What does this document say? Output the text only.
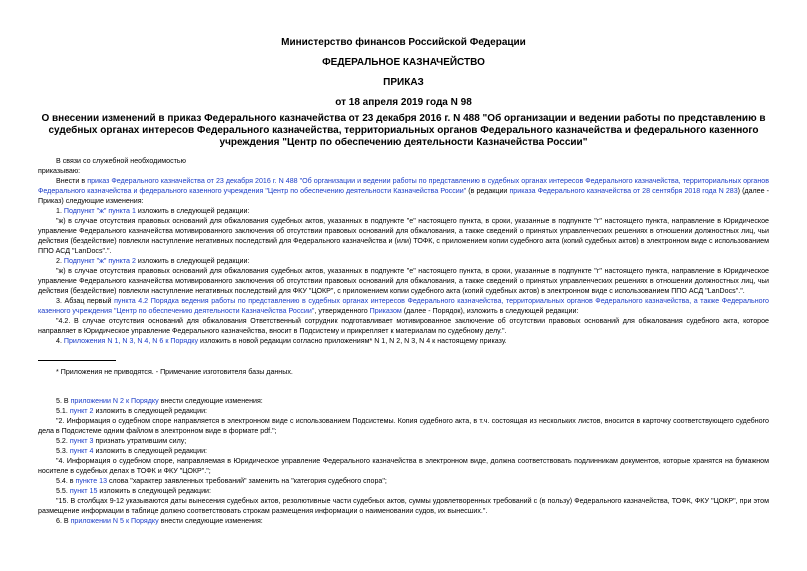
Министерство финансов Российской Федерации
ФЕДЕРАЛЬНОЕ КАЗНАЧЕЙСТВО
ПРИКАЗ
от 18 апреля 2019 года N 98
О внесении изменений в приказ Федерального казначейства от 23 декабря 2016 г. N 488 "Об организации и ведении работы по представлению в судебных органах интересов Федерального казначейства, территориальных органов Федерального казначейства и федерального казенного учреждения "Центр по обеспечению деятельности Казначейства России"

В связи со служебной необходимостью

приказываю:

Внести в приказ Федерального казначейства от 23 декабря 2016 г. N 488 "Об организации и ведении работы по представлению в судебных органах интересов Федерального казначейства, территориальных органов Федерального казначейства и федерального казенного учреждения "Центр по обеспечению деятельности Казначейства России" (в редакции приказа Федерального казначейства от 28 сентября 2018 года N 283) (далее - Приказ) следующие изменения:

1. Подпункт "ж" пункта 1 изложить в следующей редакции:

"ж) в случае отсутствия правовых оснований для обжалования судебных актов, указанных в подпункте "е" настоящего пункта, в сроки, указанные в подпункте "г" настоящего пункта, направление в Юридическое управление Федерального казначейства мотивированного заключения об отсутствии правовых оснований для обжалования, а также сведений о принятых управленческих решениях в отношении должностных лиц, чьи действия (бездействие) повлекли наступление негативных последствий для Федерального казначейства и (или) ТОФК, с приложением копии судебного акта (копий судебных актов) в электронном виде с использованием ППО АСД "LanDocs".".

2. Подпункт "ж" пункта 2 изложить в следующей редакции:

"ж) в случае отсутствия правовых оснований для обжалования судебных актов, указанных в подпункте "е" настоящего пункта, в сроки, указанные в подпункте "г" настоящего пункта, направление в Юридическое управление Федерального казначейства мотивированного заключения об отсутствии правовых оснований для обжалования, а также сведений о принятых управленческих решениях в отношении должностных лиц, чьи действия (бездействие) повлекли наступление негативных последствий для ФКУ "ЦОКР", с приложением копии судебного акта (копий судебных актов) в электронном виде с использованием ППО АСД "LanDocs".".

3. Абзац первый пункта 4.2 Порядка ведения работы по представлению в судебных органах интересов Федерального казначейства, территориальных органов Федерального казначейства, а также Федерального казенного учреждения "Центр по обеспечению деятельности Казначейства России", утвержденного Приказом (далее - Порядок), изложить в следующей редакции:

"4.2. В случае отсутствия оснований для обжалования Ответственный сотрудник подготавливает мотивированное заключение об отсутствии правовых оснований для обжалования судебного акта, которое направляет в Юридическое управление Федерального казначейства, вносит в Подсистему и прикрепляет к материалам по судебному делу.".

4. Приложения N 1, N 3, N 4, N 6 к Порядку изложить в новой редакции согласно приложениям* N 1, N 2, N 3, N 4 к настоящему приказу.

* Приложения не приводятся. - Примечание изготовителя базы данных.

5. В приложении N 2 к Порядку внести следующие изменения:

5.1. пункт 2 изложить в следующей редакции:

"2. Информация о судебном споре направляется в электронном виде с использованием Подсистемы. Копия судебного акта, в т.ч. состоящая из нескольких листов, вносится в карточку соответствующего судебного дела в Подсистеме одним файлом в электронном виде в формате pdf.";

5.2. пункт 3 признать утратившим силу;

5.3. пункт 4 изложить в следующей редакции:

"4. Информация о судебном споре, направляемая в Юридическое управление Федерального казначейства в электронном виде, должна соответствовать подлинникам документов, которые хранятся на бумажном носителе в судебных делах в ТОФК и ФКУ "ЦОКР".";

5.4. в пункте 13 слова "характер заявленных требований" заменить на "категория судебного спора";

5.5. пункт 15 изложить в следующей редакции:

"15. В столбцах 9-12 указываются даты вынесения судебных актов, резолютивные части судебных актов, суммы удовлетворенных требований с (в пользу) Федерального казначейства, ТОФК, ФКУ "ЦОКР", при этом размещение информации в таблице должно соответствовать строкам размещения информации о наименовании судов, их вынесших.".

6. В приложении N 5 к Порядку внести следующие изменения:
